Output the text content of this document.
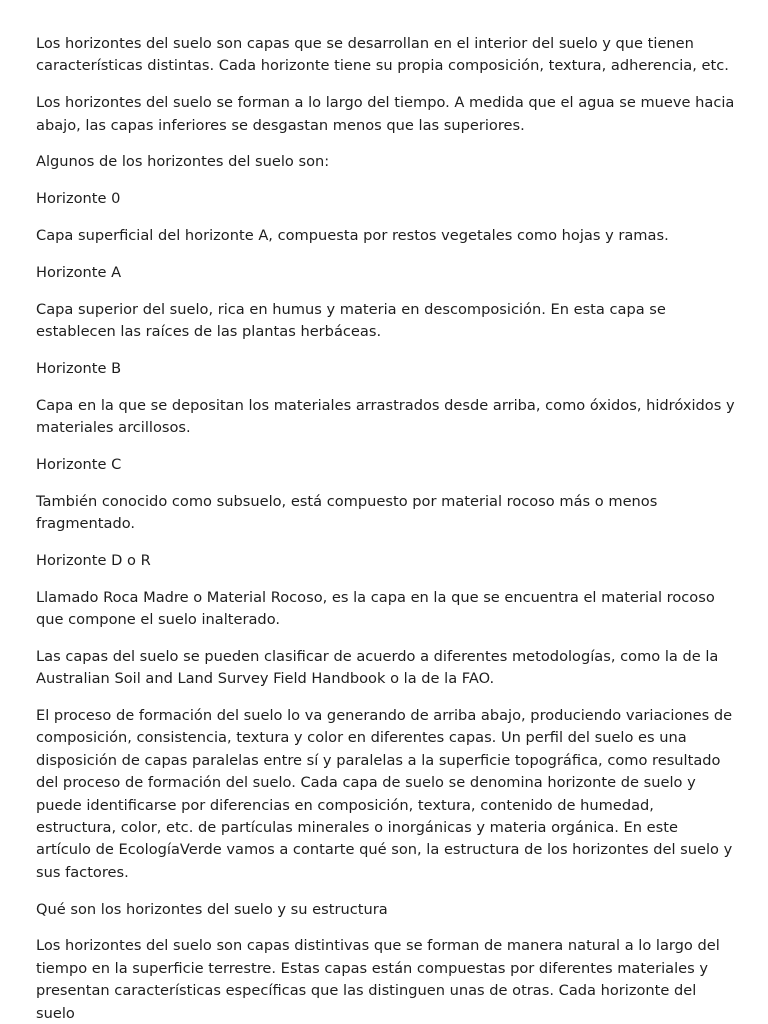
Los horizontes del suelo son capas que se desarrollan en el interior del suelo y que tienen características distintas. Cada horizonte tiene su propia composición, textura, adherencia, etc.

Los horizontes del suelo se forman a lo largo del tiempo. A medida que el agua se mueve hacia abajo, las capas inferiores se desgastan menos que las superiores.

Algunos de los horizontes del suelo son:

Horizonte 0

Capa superficial del horizonte A, compuesta por restos vegetales como hojas y ramas.

Horizonte A

Capa superior del suelo, rica en humus y materia en descomposición. En esta capa se establecen las raíces de las plantas herbáceas.

Horizonte B

Capa en la que se depositan los materiales arrastrados desde arriba, como óxidos, hidróxidos y materiales arcillosos.

Horizonte C

También conocido como subsuelo, está compuesto por material rocoso más o menos fragmentado.

Horizonte D o R

Llamado Roca Madre o Material Rocoso, es la capa en la que se encuentra el material rocoso que compone el suelo inalterado.

Las capas del suelo se pueden clasificar de acuerdo a diferentes metodologías, como la de la Australian Soil and Land Survey Field Handbook o la de la FAO.

El proceso de formación del suelo lo va generando de arriba abajo, produciendo variaciones de composición, consistencia, textura y color en diferentes capas. Un perfil del suelo es una disposición de capas paralelas entre sí y paralelas a la superficie topográfica, como resultado del proceso de formación del suelo. Cada capa de suelo se denomina horizonte de suelo y puede identificarse por diferencias en composición, textura, contenido de humedad, estructura, color, etc. de partículas minerales o inorgánicas y materia orgánica. En este artículo de EcologíaVerde vamos a contarte qué son, la estructura de los horizontes del suelo y sus factores.

Qué son los horizontes del suelo y su estructura

Los horizontes del suelo son capas distintivas que se forman de manera natural a lo largo del tiempo en la superficie terrestre. Estas capas están compuestas por diferentes materiales y presentan características específicas que las distinguen unas de otras. Cada horizonte del suelo
